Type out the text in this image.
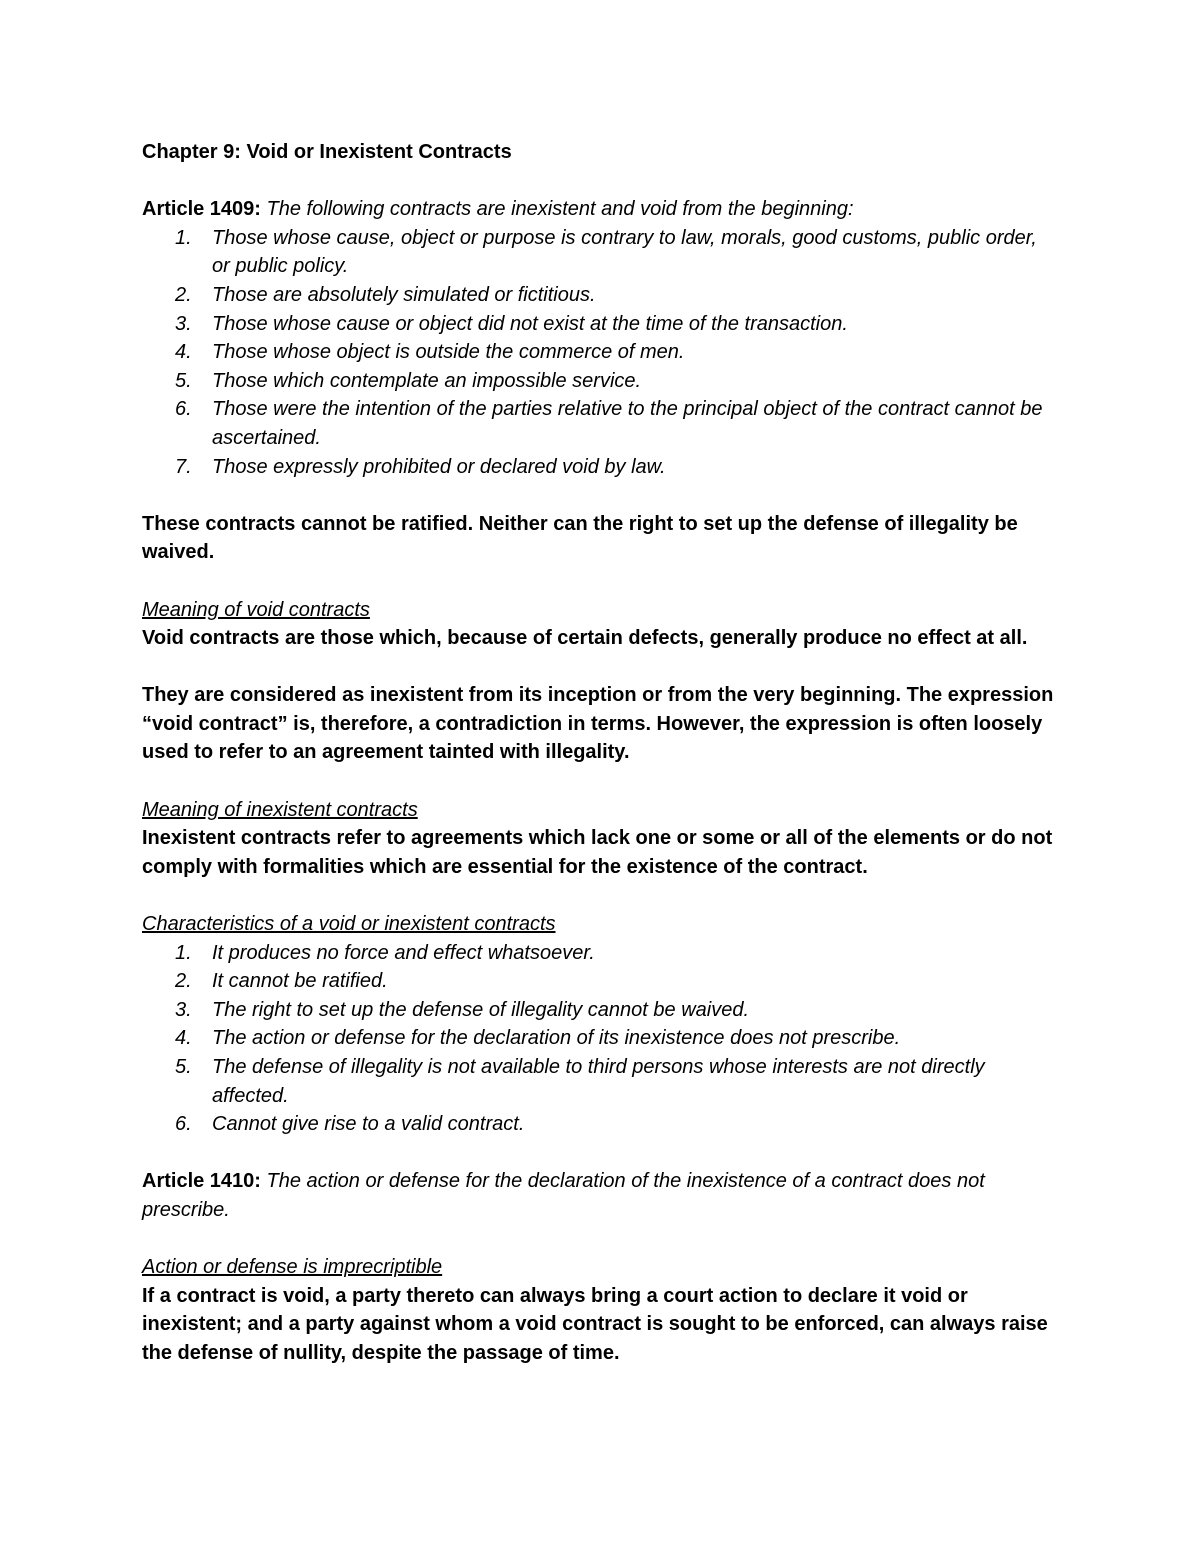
Chapter 9: Void or Inexistent Contracts

Article 1409: The following contracts are inexistent and void from the beginning:

1. Those whose cause, object or purpose is contrary to law, morals, good customs, public order, or public policy.
2. Those are absolutely simulated or fictitious.
3. Those whose cause or object did not exist at the time of the transaction.
4. Those whose object is outside the commerce of men.
5. Those which contemplate an impossible service.
6. Those were the intention of the parties relative to the principal object of the contract cannot be ascertained.
7. Those expressly prohibited or declared void by law.

These contracts cannot be ratified. Neither can the right to set up the defense of illegality be waived.

Meaning of void contracts

Void contracts are those which, because of certain defects, generally produce no effect at all.

They are considered as inexistent from its inception or from the very beginning. The expression “void contract” is, therefore, a contradiction in terms. However, the expression is often loosely used to refer to an agreement tainted with illegality.

Meaning of inexistent contracts

Inexistent contracts refer to agreements which lack one or some or all of the elements or do not comply with formalities which are essential for the existence of the contract.

Characteristics of a void or inexistent contracts

1. It produces no force and effect whatsoever.
2. It cannot be ratified.
3. The right to set up the defense of illegality cannot be waived.
4. The action or defense for the declaration of its inexistence does not prescribe.
5. The defense of illegality is not available to third persons whose interests are not directly affected.
6. Cannot give rise to a valid contract.

Article 1410: The action or defense for the declaration of the inexistence of a contract does not prescribe.

Action or defense is imprecriptible

If a contract is void, a party thereto can always bring a court action to declare it void or inexistent; and a party against whom a void contract is sought to be enforced, can always raise the defense of nullity, despite the passage of time.
